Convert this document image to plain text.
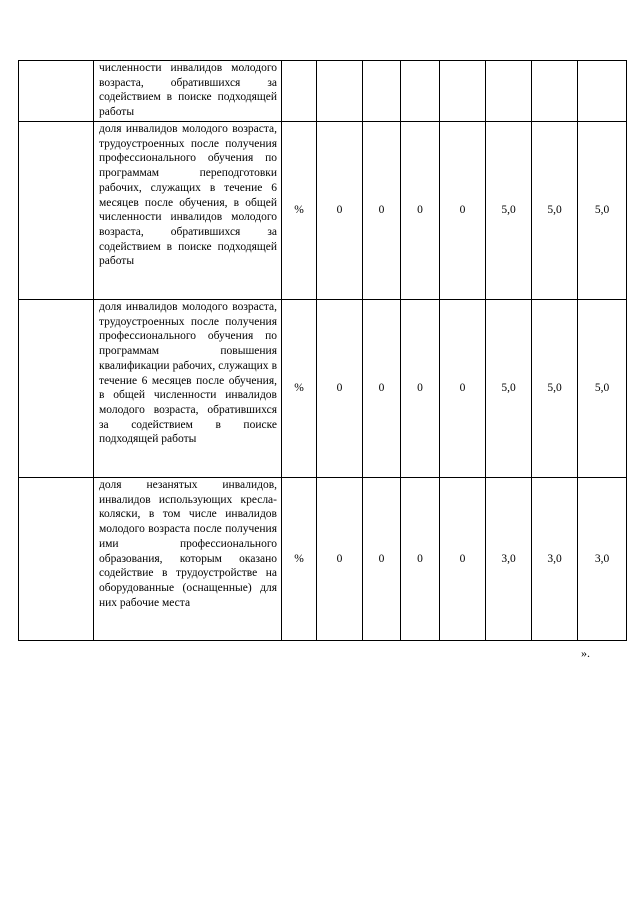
	численности инвалидов молодого возраста, обратившихся за содействием в поиске подходящей работы								
	доля инвалидов молодого возраста, трудоустроенных после получения профессионального обучения по программам переподготовки рабочих, служащих в течение 6 месяцев после обучения, в общей численности инвалидов молодого возраста, обратившихся за содействием в поиске подходящей работы	%	0	0	0	0	5,0	5,0	5,0
	доля инвалидов молодого возраста, трудоустроенных после получения профессионального обучения по программам повышения квалификации рабочих, служащих в течение 6 месяцев после обучения, в общей численности инвалидов молодого возраста, обратившихся за содействием в поиске подходящей работы	%	0	0	0	0	5,0	5,0	5,0
	доля незанятых инвалидов, инвалидов использующих кресла-коляски, в том числе инвалидов молодого возраста после получения ими профессионального образования, которым оказано содействие в трудоустройстве на оборудованные (оснащенные) для них рабочие места	%	0	0	0	0	3,0	3,0	3,0
».
